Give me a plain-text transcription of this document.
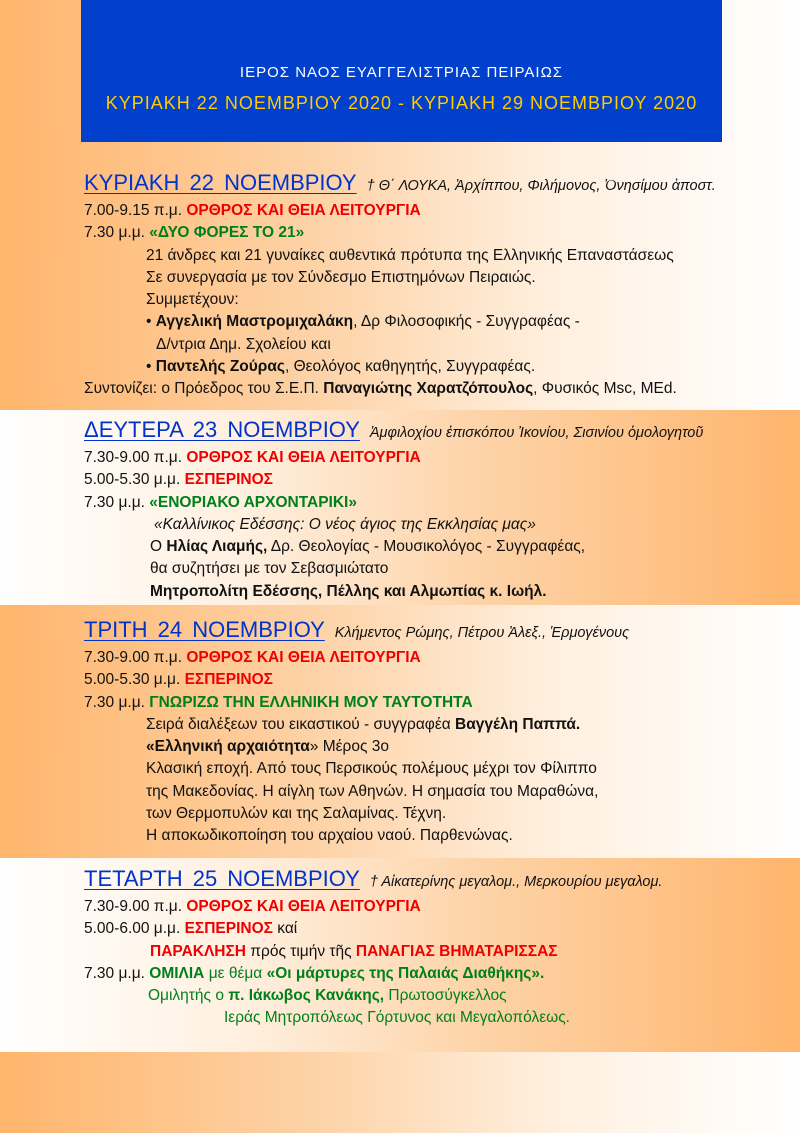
ΙΕΡΟΣ ΝΑΟΣ ΕΥΑΓΓΕΛΙΣΤΡΙΑΣ ΠΕΙΡΑΙΩΣ
ΚΥΡΙΑΚΗ 22 ΝΟΕΜΒΡΙΟΥ 2020 - ΚΥΡΙΑΚΗ 29 ΝΟΕΜΒΡΙΟΥ 2020
ΚΥΡΙΑΚΗ 22 ΝΟΕΜΒΡΙΟΥ † Θ΄ ΛΟΥΚΑ, Ἀρχίππου, Φιλήμονος, Ὀνησίμου ἀποστ.
7.00-9.15 π.μ. ΟΡΘΡΟΣ ΚΑΙ ΘΕΙΑ ΛΕΙΤΟΥΡΓΙΑ
7.30 μ.μ. «ΔΥΟ ΦΟΡΕΣ ΤΟ 21»
21 άνδρες και 21 γυναίκες αυθεντικά πρότυπα της Ελληνικής Επαναστάσεως
Σε συνεργασία με τον Σύνδεσμο Επιστημόνων Πειραιώς.
Συμμετέχουν:
• Αγγελική Μαστρομιχαλάκη, Δρ Φιλοσοφικής - Συγγραφέας -
Δ/ντρια Δημ. Σχολείου και
• Παντελής Ζούρας, Θεολόγος καθηγητής, Συγγραφέας.
Συντονίζει: ο Πρόεδρος του Σ.Ε.Π. Παναγιώτης Χαρατζόπουλος, Φυσικός Msc, MEd.
ΔΕΥΤΕΡΑ 23 ΝΟΕΜΒΡΙΟΥ Ἀμφιλοχίου ἐπισκόπου Ἰκονίου, Σισινίου ὁμολογητοῦ
7.30-9.00 π.μ. ΟΡΘΡΟΣ ΚΑΙ ΘΕΙΑ ΛΕΙΤΟΥΡΓΙΑ
5.00-5.30 μ.μ. ΕΣΠΕΡΙΝΟΣ
7.30 μ.μ. «ΕΝΟΡΙΑΚΟ ΑΡΧΟΝΤΑΡΙΚΙ»
«Καλλίνικος Εδέσσης: Ο νέος άγιος της Εκκλησίας μας»
Ο Ηλίας Λιαμής, Δρ. Θεολογίας - Μουσικολόγος - Συγγραφέας,
θα συζητήσει με τον Σεβασμιώτατο
Μητροπολίτη Εδέσσης, Πέλλης και Αλμωπίας κ. Ιωήλ.
ΤΡΙΤΗ 24 ΝΟΕΜΒΡΙΟΥ Κλήμεντος Ρώμης, Πέτρου Ἀλεξ., Ἑρμογένους
7.30-9.00 π.μ. ΟΡΘΡΟΣ ΚΑΙ ΘΕΙΑ ΛΕΙΤΟΥΡΓΙΑ
5.00-5.30 μ.μ. ΕΣΠΕΡΙΝΟΣ
7.30 μ.μ. ΓΝΩΡΙΖΩ ΤΗΝ ΕΛΛΗΝΙΚΗ ΜΟΥ ΤΑΥΤΟΤΗΤΑ
Σειρά διαλέξεων του εικαστικού - συγγραφέα Βαγγέλη Παππά.
«Ελληνική αρχαιότητα» Μέρος 3ο
Κλασική εποχή. Από τους Περσικούς πολέμους μέχρι τον Φίλιππο
της Μακεδονίας. Η αίγλη των Αθηνών. Η σημασία του Μαραθώνα,
των Θερμοπυλών και της Σαλαμίνας. Τέχνη.
Η αποκωδικοποίηση του αρχαίου ναού. Παρθενώνας.
ΤΕΤΑΡΤΗ 25 ΝΟΕΜΒΡΙΟΥ † Αἰκατερίνης μεγαλομ., Μερκουρίου μεγαλομ.
7.30-9.00 π.μ. ΟΡΘΡΟΣ ΚΑΙ ΘΕΙΑ ΛΕΙΤΟΥΡΓΙΑ
5.00-6.00 μ.μ. ΕΣΠΕΡΙΝΟΣ καί
ΠΑΡΑΚΛΗΣΗ πρός τιμήν τῆς ΠΑΝΑΓΙΑΣ ΒΗΜΑΤΑΡΙΣΣΑΣ
7.30 μ.μ. ΟΜΙΛΙΑ με θέμα «Οι μάρτυρες της Παλαιάς Διαθήκης».
Ομιλητής ο π. Ιάκωβος Κανάκης, Πρωτοσύγκελλος
Ιεράς Μητροπόλεως Γόρτυνος και Μεγαλοπόλεως.
